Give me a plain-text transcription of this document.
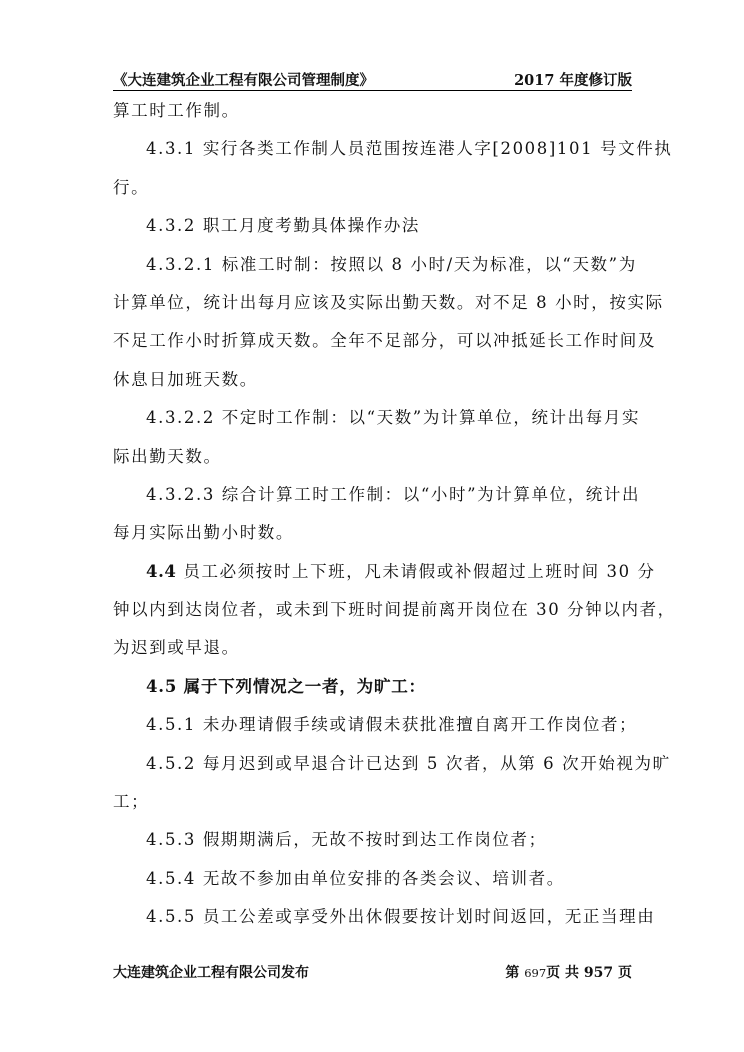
《大连建筑企业工程有限公司管理制度》	2017 年度修订版
算工时工作制。
4.3.1 实行各类工作制人员范围按连港人字[2008]101 号文件执
行。
4.3.2 职工月度考勤具体操作办法
4.3.2.1 标准工时制：按照以 8 小时/天为标准，以“天数”为
计算单位，统计出每月应该及实际出勤天数。对不足 8 小时，按实际
不足工作小时折算成天数。全年不足部分，可以冲抵延长工作时间及
休息日加班天数。
4.3.2.2 不定时工作制：以“天数”为计算单位，统计出每月实
际出勤天数。
4.3.2.3 综合计算工时工作制：以“小时”为计算单位，统计出
每月实际出勤小时数。
4.4 员工必须按时上下班，凡未请假或补假超过上班时间 30 分
钟以内到达岗位者，或未到下班时间提前离开岗位在 30 分钟以内者，
为迟到或早退。
4.5 属于下列情况之一者，为旷工：
4.5.1 未办理请假手续或请假未获批准擅自离开工作岗位者；
4.5.2 每月迟到或早退合计已达到 5 次者，从第 6 次开始视为旷
工；
4.5.3 假期期满后，无故不按时到达工作岗位者；
4.5.4 无故不参加由单位安排的各类会议、培训者。
4.5.5 员工公差或享受外出休假要按计划时间返回，无正当理由
大连建筑企业工程有限公司发布	第 697页 共 957 页
